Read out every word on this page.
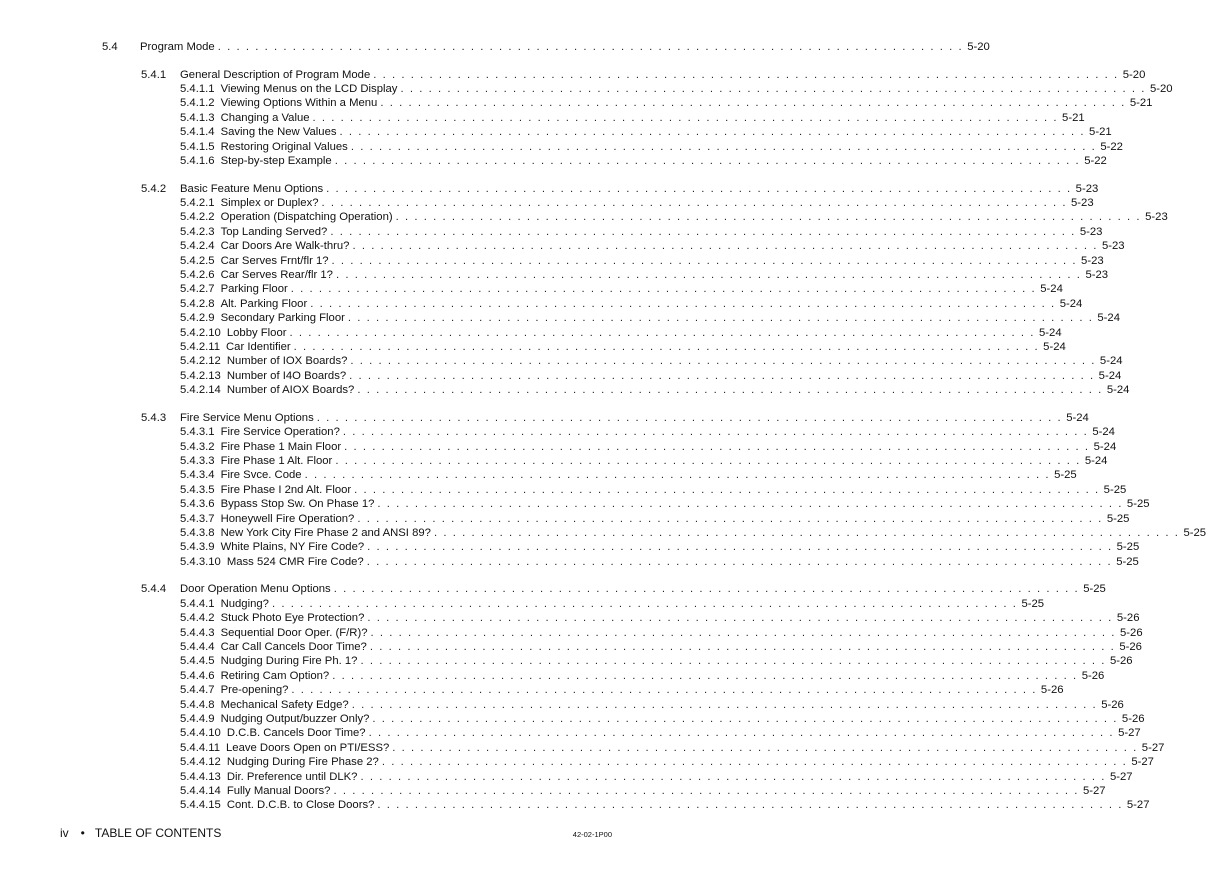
5.4	Program Mode . . . . . . . . . . . . . . . . . . . . . . . . . . . . . . . . . . . . . . . . . . . . . . . . . . . . . . . . . . . . . . . . . . . . . . . . . . . . . . . . 5-20
5.4.1	General Description of Program Mode . . . . . . . . . . . . . . . . . . . . . . . . . . . . . . . . . . . . . . . . . . . . . . . . . . . . . . . . . . . . . . . . . . . . . . . . . . . . . . . . 5-20
5.4.1.1 Viewing Menus on the LCD Display . . . . . . . . . . . . . . . . . . . . . . . . . . . . . . . . . . . . . . . . . . . . . . . . . . . . . . . . . . . . . . . . . . . . . . . . . . . . . . . . 5-20
5.4.1.2 Viewing Options Within a Menu . . . . . . . . . . . . . . . . . . . . . . . . . . . . . . . . . . . . . . . . . . . . . . . . . . . . . . . . . . . . . . . . . . . . . . . . . . . . . . . . 5-21
5.4.1.3 Changing a Value . . . . . . . . . . . . . . . . . . . . . . . . . . . . . . . . . . . . . . . . . . . . . . . . . . . . . . . . . . . . . . . . . . . . . . . . . . . . . . . . 5-21
5.4.1.4 Saving the New Values . . . . . . . . . . . . . . . . . . . . . . . . . . . . . . . . . . . . . . . . . . . . . . . . . . . . . . . . . . . . . . . . . . . . . . . . . . . . . . . . 5-21
5.4.1.5 Restoring Original Values . . . . . . . . . . . . . . . . . . . . . . . . . . . . . . . . . . . . . . . . . . . . . . . . . . . . . . . . . . . . . . . . . . . . . . . . . . . . . . . . 5-22
5.4.1.6 Step-by-step Example . . . . . . . . . . . . . . . . . . . . . . . . . . . . . . . . . . . . . . . . . . . . . . . . . . . . . . . . . . . . . . . . . . . . . . . . . . . . . . . . 5-22
5.4.2	Basic Feature Menu Options . . . . . . . . . . . . . . . . . . . . . . . . . . . . . . . . . . . . . . . . . . . . . . . . . . . . . . . . . . . . . . . . . . . . . . . . . . . . . . . . 5-23
5.4.2.1 Simplex or Duplex? . . . . . . . . . . . . . . . . . . . . . . . . . . . . . . . . . . . . . . . . . . . . . . . . . . . . . . . . . . . . . . . . . . . . . . . . . . . . . . . . 5-23
5.4.2.2 Operation (Dispatching Operation) . . . . . . . . . . . . . . . . . . . . . . . . . . . . . . . . . . . . . . . . . . . . . . . . . . . . . . . . . . . . . . . . . . . . . . . . . . . . . . . . 5-23
5.4.2.3 Top Landing Served? . . . . . . . . . . . . . . . . . . . . . . . . . . . . . . . . . . . . . . . . . . . . . . . . . . . . . . . . . . . . . . . . . . . . . . . . . . . . . . . . 5-23
5.4.2.4 Car Doors Are Walk-thru? . . . . . . . . . . . . . . . . . . . . . . . . . . . . . . . . . . . . . . . . . . . . . . . . . . . . . . . . . . . . . . . . . . . . . . . . . . . . . . . . 5-23
5.4.2.5 Car Serves Frnt/flr 1? . . . . . . . . . . . . . . . . . . . . . . . . . . . . . . . . . . . . . . . . . . . . . . . . . . . . . . . . . . . . . . . . . . . . . . . . . . . . . . . . 5-23
5.4.2.6 Car Serves Rear/flr 1? . . . . . . . . . . . . . . . . . . . . . . . . . . . . . . . . . . . . . . . . . . . . . . . . . . . . . . . . . . . . . . . . . . . . . . . . . . . . . . . . 5-23
5.4.2.7 Parking Floor . . . . . . . . . . . . . . . . . . . . . . . . . . . . . . . . . . . . . . . . . . . . . . . . . . . . . . . . . . . . . . . . . . . . . . . . . . . . . . . . 5-24
5.4.2.8 Alt. Parking Floor . . . . . . . . . . . . . . . . . . . . . . . . . . . . . . . . . . . . . . . . . . . . . . . . . . . . . . . . . . . . . . . . . . . . . . . . . . . . . . . . 5-24
5.4.2.9 Secondary Parking Floor . . . . . . . . . . . . . . . . . . . . . . . . . . . . . . . . . . . . . . . . . . . . . . . . . . . . . . . . . . . . . . . . . . . . . . . . . . . . . . . . 5-24
5.4.2.10 Lobby Floor . . . . . . . . . . . . . . . . . . . . . . . . . . . . . . . . . . . . . . . . . . . . . . . . . . . . . . . . . . . . . . . . . . . . . . . . . . . . . . . . 5-24
5.4.2.11 Car Identifier . . . . . . . . . . . . . . . . . . . . . . . . . . . . . . . . . . . . . . . . . . . . . . . . . . . . . . . . . . . . . . . . . . . . . . . . . . . . . . . . 5-24
5.4.2.12 Number of IOX Boards? . . . . . . . . . . . . . . . . . . . . . . . . . . . . . . . . . . . . . . . . . . . . . . . . . . . . . . . . . . . . . . . . . . . . . . . . . . . . . . . . 5-24
5.4.2.13 Number of I4O Boards? . . . . . . . . . . . . . . . . . . . . . . . . . . . . . . . . . . . . . . . . . . . . . . . . . . . . . . . . . . . . . . . . . . . . . . . . . . . . . . . . 5-24
5.4.2.14 Number of AIOX Boards? . . . . . . . . . . . . . . . . . . . . . . . . . . . . . . . . . . . . . . . . . . . . . . . . . . . . . . . . . . . . . . . . . . . . . . . . . . . . . . . . 5-24
5.4.3	Fire Service Menu Options . . . . . . . . . . . . . . . . . . . . . . . . . . . . . . . . . . . . . . . . . . . . . . . . . . . . . . . . . . . . . . . . . . . . . . . . . . . . . . . . 5-24
5.4.3.1 Fire Service Operation? . . . . . . . . . . . . . . . . . . . . . . . . . . . . . . . . . . . . . . . . . . . . . . . . . . . . . . . . . . . . . . . . . . . . . . . . . . . . . . . . 5-24
5.4.3.2 Fire Phase 1 Main Floor . . . . . . . . . . . . . . . . . . . . . . . . . . . . . . . . . . . . . . . . . . . . . . . . . . . . . . . . . . . . . . . . . . . . . . . . . . . . . . . . 5-24
5.4.3.3 Fire Phase 1 Alt. Floor . . . . . . . . . . . . . . . . . . . . . . . . . . . . . . . . . . . . . . . . . . . . . . . . . . . . . . . . . . . . . . . . . . . . . . . . . . . . . . . . 5-24
5.4.3.4 Fire Svce. Code . . . . . . . . . . . . . . . . . . . . . . . . . . . . . . . . . . . . . . . . . . . . . . . . . . . . . . . . . . . . . . . . . . . . . . . . . . . . . . . . 5-25
5.4.3.5 Fire Phase I 2nd Alt. Floor . . . . . . . . . . . . . . . . . . . . . . . . . . . . . . . . . . . . . . . . . . . . . . . . . . . . . . . . . . . . . . . . . . . . . . . . . . . . . . . . 5-25
5.4.3.6 Bypass Stop Sw. On Phase 1? . . . . . . . . . . . . . . . . . . . . . . . . . . . . . . . . . . . . . . . . . . . . . . . . . . . . . . . . . . . . . . . . . . . . . . . . . . . . . . . . 5-25
5.4.3.7 Honeywell Fire Operation? . . . . . . . . . . . . . . . . . . . . . . . . . . . . . . . . . . . . . . . . . . . . . . . . . . . . . . . . . . . . . . . . . . . . . . . . . . . . . . . . 5-25
5.4.3.8 New York City Fire Phase 2 and ANSI 89? . . . . . . . . . . . . . . . . . . . . . . . . . . . . . . . . . . . . . . . . . . . . . . . . . . . . . . . . . . . . . . . . . . . . . . . . . . . . . . . . 5-25
5.4.3.9 White Plains, NY Fire Code? . . . . . . . . . . . . . . . . . . . . . . . . . . . . . . . . . . . . . . . . . . . . . . . . . . . . . . . . . . . . . . . . . . . . . . . . . . . . . . . . 5-25
5.4.3.10 Mass 524 CMR Fire Code? . . . . . . . . . . . . . . . . . . . . . . . . . . . . . . . . . . . . . . . . . . . . . . . . . . . . . . . . . . . . . . . . . . . . . . . . . . . . . . . . 5-25
5.4.4	Door Operation Menu Options . . . . . . . . . . . . . . . . . . . . . . . . . . . . . . . . . . . . . . . . . . . . . . . . . . . . . . . . . . . . . . . . . . . . . . . . . . . . . . . . 5-25
5.4.4.1 Nudging? . . . . . . . . . . . . . . . . . . . . . . . . . . . . . . . . . . . . . . . . . . . . . . . . . . . . . . . . . . . . . . . . . . . . . . . . . . . . . . . . 5-25
5.4.4.2 Stuck Photo Eye Protection? . . . . . . . . . . . . . . . . . . . . . . . . . . . . . . . . . . . . . . . . . . . . . . . . . . . . . . . . . . . . . . . . . . . . . . . . . . . . . . . . 5-26
5.4.4.3 Sequential Door Oper. (F/R)? . . . . . . . . . . . . . . . . . . . . . . . . . . . . . . . . . . . . . . . . . . . . . . . . . . . . . . . . . . . . . . . . . . . . . . . . . . . . . . . . 5-26
5.4.4.4 Car Call Cancels Door Time? . . . . . . . . . . . . . . . . . . . . . . . . . . . . . . . . . . . . . . . . . . . . . . . . . . . . . . . . . . . . . . . . . . . . . . . . . . . . . . . . 5-26
5.4.4.5 Nudging During Fire Ph. 1? . . . . . . . . . . . . . . . . . . . . . . . . . . . . . . . . . . . . . . . . . . . . . . . . . . . . . . . . . . . . . . . . . . . . . . . . . . . . . . . . 5-26
5.4.4.6 Retiring Cam Option? . . . . . . . . . . . . . . . . . . . . . . . . . . . . . . . . . . . . . . . . . . . . . . . . . . . . . . . . . . . . . . . . . . . . . . . . . . . . . . . . 5-26
5.4.4.7 Pre-opening? . . . . . . . . . . . . . . . . . . . . . . . . . . . . . . . . . . . . . . . . . . . . . . . . . . . . . . . . . . . . . . . . . . . . . . . . . . . . . . . . 5-26
5.4.4.8 Mechanical Safety Edge? . . . . . . . . . . . . . . . . . . . . . . . . . . . . . . . . . . . . . . . . . . . . . . . . . . . . . . . . . . . . . . . . . . . . . . . . . . . . . . . . 5-26
5.4.4.9 Nudging Output/buzzer Only? . . . . . . . . . . . . . . . . . . . . . . . . . . . . . . . . . . . . . . . . . . . . . . . . . . . . . . . . . . . . . . . . . . . . . . . . . . . . . . . . 5-26
5.4.4.10 D.C.B. Cancels Door Time? . . . . . . . . . . . . . . . . . . . . . . . . . . . . . . . . . . . . . . . . . . . . . . . . . . . . . . . . . . . . . . . . . . . . . . . . . . . . . . . . 5-27
5.4.4.11 Leave Doors Open on PTI/ESS? . . . . . . . . . . . . . . . . . . . . . . . . . . . . . . . . . . . . . . . . . . . . . . . . . . . . . . . . . . . . . . . . . . . . . . . . . . . . . . . . 5-27
5.4.4.12 Nudging During Fire Phase 2? . . . . . . . . . . . . . . . . . . . . . . . . . . . . . . . . . . . . . . . . . . . . . . . . . . . . . . . . . . . . . . . . . . . . . . . . . . . . . . . . 5-27
5.4.4.13 Dir. Preference until DLK? . . . . . . . . . . . . . . . . . . . . . . . . . . . . . . . . . . . . . . . . . . . . . . . . . . . . . . . . . . . . . . . . . . . . . . . . . . . . . . . . 5-27
5.4.4.14 Fully Manual Doors? . . . . . . . . . . . . . . . . . . . . . . . . . . . . . . . . . . . . . . . . . . . . . . . . . . . . . . . . . . . . . . . . . . . . . . . . . . . . . . . . 5-27
5.4.4.15 Cont. D.C.B. to Close Doors? . . . . . . . . . . . . . . . . . . . . . . . . . . . . . . . . . . . . . . . . . . . . . . . . . . . . . . . . . . . . . . . . . . . . . . . . . . . . . . . . 5-27
iv • TABLE OF CONTENTS	42-02-1P00
